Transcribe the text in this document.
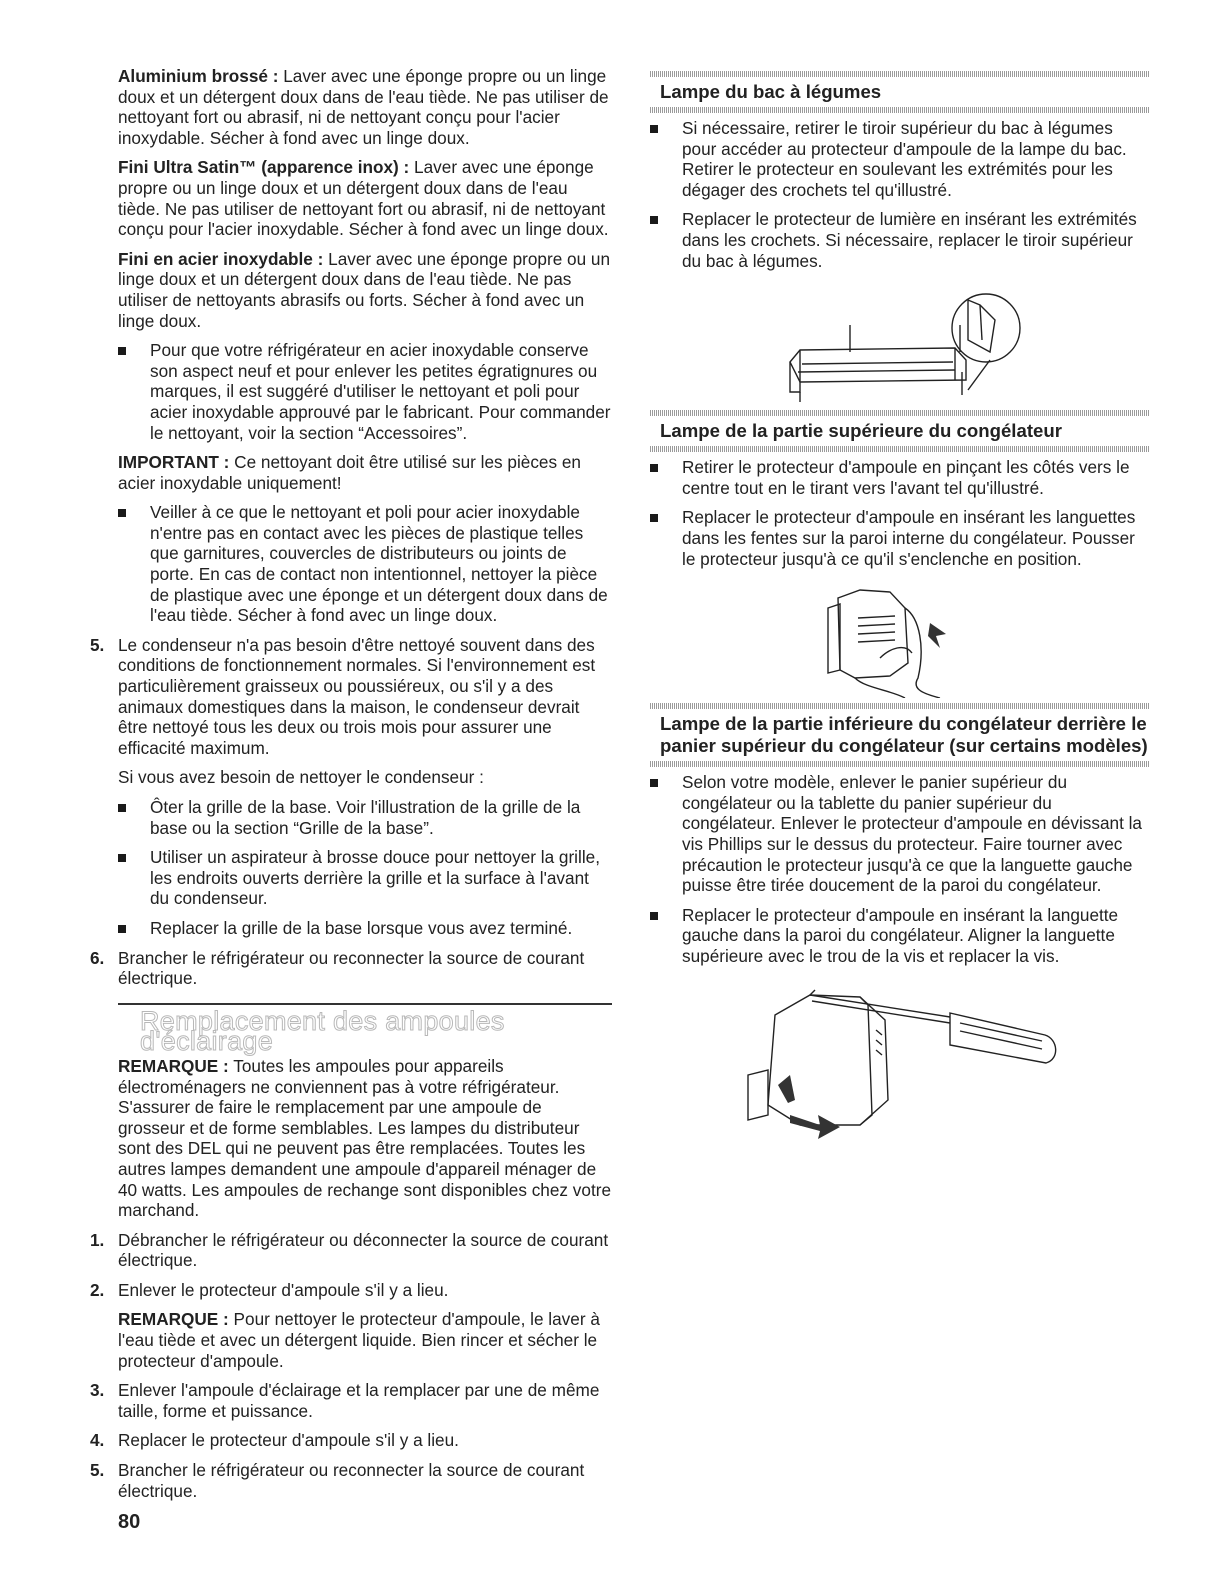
Aluminium brossé : Laver avec une éponge propre ou un linge doux et un détergent doux dans de l'eau tiède. Ne pas utiliser de nettoyant fort ou abrasif, ni de nettoyant conçu pour l'acier inoxydable. Sécher à fond avec un linge doux.

Fini Ultra Satin™ (apparence inox) : Laver avec une éponge propre ou un linge doux et un détergent doux dans de l'eau tiède. Ne pas utiliser de nettoyant fort ou abrasif, ni de nettoyant conçu pour l'acier inoxydable. Sécher à fond avec un linge doux.

Fini en acier inoxydable : Laver avec une éponge propre ou un linge doux et un détergent doux dans de l'eau tiède. Ne pas utiliser de nettoyants abrasifs ou forts. Sécher à fond avec un linge doux.

Pour que votre réfrigérateur en acier inoxydable conserve son aspect neuf et pour enlever les petites égratignures ou marques, il est suggéré d'utiliser le nettoyant et poli pour acier inoxydable approuvé par le fabricant. Pour commander le nettoyant, voir la section “Accessoires”.

IMPORTANT : Ce nettoyant doit être utilisé sur les pièces en acier inoxydable uniquement!

Veiller à ce que le nettoyant et poli pour acier inoxydable n'entre pas en contact avec les pièces de plastique telles que garnitures, couvercles de distributeurs ou joints de porte. En cas de contact non intentionnel, nettoyer la pièce de plastique avec une éponge et un détergent doux dans de l'eau tiède. Sécher à fond avec un linge doux.
5. Le condenseur n'a pas besoin d'être nettoyé souvent dans des conditions de fonctionnement normales. Si l'environnement est particulièrement graisseux ou poussiéreux, ou s'il y a des animaux domestiques dans la maison, le condenseur devrait être nettoyé tous les deux ou trois mois pour assurer une efficacité maximum.

Si vous avez besoin de nettoyer le condenseur :

Ôter la grille de la base. Voir l'illustration de la grille de la base ou la section “Grille de la base”.
Utiliser un aspirateur à brosse douce pour nettoyer la grille, les endroits ouverts derrière la grille et la surface à l'avant du condenseur.
Replacer la grille de la base lorsque vous avez terminé.
6. Brancher le réfrigérateur ou reconnecter la source de courant électrique.
Remplacement des ampoules d'éclairage

REMARQUE : Toutes les ampoules pour appareils électroménagers ne conviennent pas à votre réfrigérateur. S'assurer de faire le remplacement par une ampoule de grosseur et de forme semblables. Les lampes du distributeur sont des DEL qui ne peuvent pas être remplacées. Toutes les autres lampes demandent une ampoule d'appareil ménager de 40 watts. Les ampoules de rechange sont disponibles chez votre marchand.

1. Débrancher le réfrigérateur ou déconnecter la source de courant électrique.
2. Enlever le protecteur d'ampoule s'il y a lieu.

REMARQUE : Pour nettoyer le protecteur d'ampoule, le laver à l'eau tiède et avec un détergent liquide. Bien rincer et sécher le protecteur d'ampoule.

3. Enlever l'ampoule d'éclairage et la remplacer par une de même taille, forme et puissance.
4. Replacer le protecteur d'ampoule s'il y a lieu.
5. Brancher le réfrigérateur ou reconnecter la source de courant électrique.
Lampe du bac à légumes
Si nécessaire, retirer le tiroir supérieur du bac à légumes pour accéder au protecteur d'ampoule de la lampe du bac. Retirer le protecteur en soulevant les extrémités pour les dégager des crochets tel qu'illustré.
Replacer le protecteur de lumière en insérant les extrémités dans les crochets. Si nécessaire, replacer le tiroir supérieur du bac à légumes.
Lampe de la partie supérieure du congélateur
Retirer le protecteur d'ampoule en pinçant les côtés vers le centre tout en le tirant vers l'avant tel qu'illustré.
Replacer le protecteur d'ampoule en insérant les languettes dans les fentes sur la paroi interne du congélateur. Pousser le protecteur jusqu'à ce qu'il s'enclenche en position.
Lampe de la partie inférieure du congélateur derrière le panier supérieur du congélateur (sur certains modèles)
Selon votre modèle, enlever le panier supérieur du congélateur ou la tablette du panier supérieur du congélateur. Enlever le protecteur d'ampoule en dévissant la vis Phillips sur le dessus du protecteur. Faire tourner avec précaution le protecteur jusqu'à ce que la languette gauche puisse être tirée doucement de la paroi du congélateur.
Replacer le protecteur d'ampoule en insérant la languette gauche dans la paroi du congélateur. Aligner la languette supérieure avec le trou de la vis et replacer la vis.
80
